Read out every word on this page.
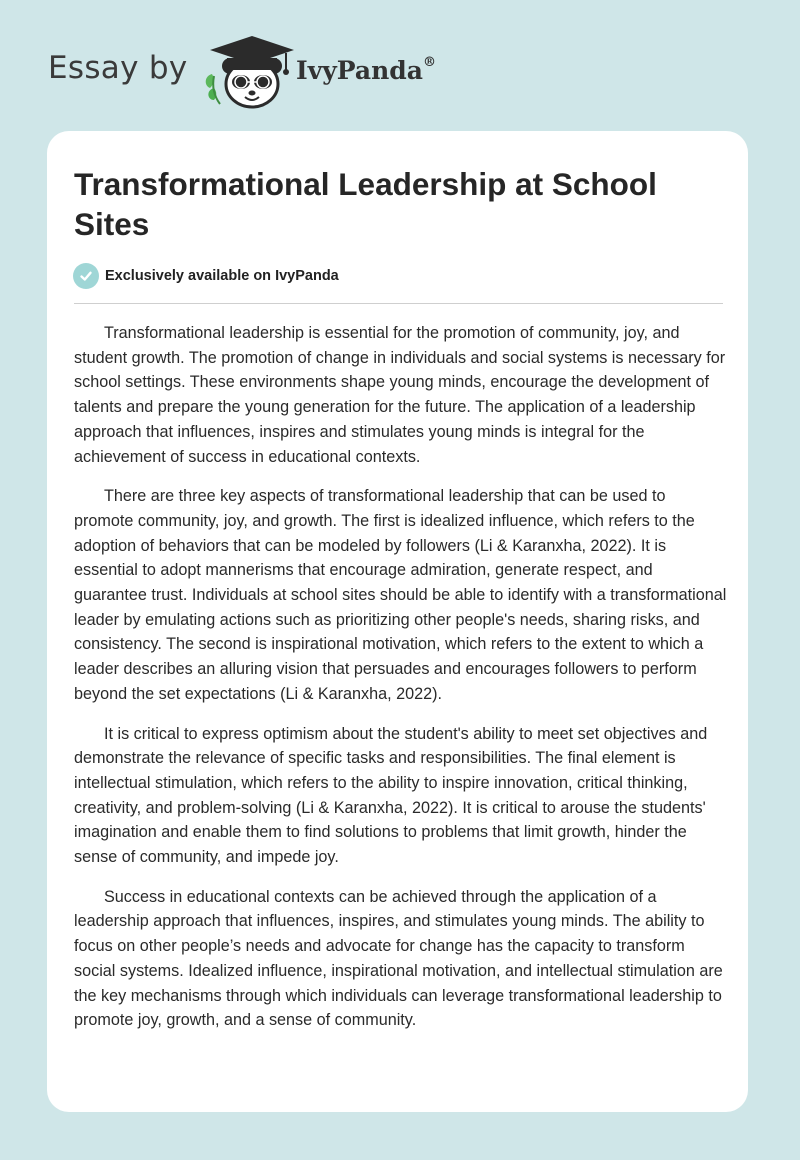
Essay by	IvyPanda®
Transformational Leadership at School Sites
Exclusively available on IvyPanda

Transformational leadership is essential for the promotion of community, joy, and student growth. The promotion of change in individuals and social systems is necessary for school settings. These environments shape young minds, encourage the development of talents and prepare the young generation for the future. The application of a leadership approach that influences, inspires and stimulates young minds is integral for the achievement of success in educational contexts.

There are three key aspects of transformational leadership that can be used to promote community, joy, and growth. The first is idealized influence, which refers to the adoption of behaviors that can be modeled by followers (Li & Karanxha, 2022). It is essential to adopt mannerisms that encourage admiration, generate respect, and guarantee trust. Individuals at school sites should be able to identify with a transformational leader by emulating actions such as prioritizing other people's needs, sharing risks, and consistency. The second is inspirational motivation, which refers to the extent to which a leader describes an alluring vision that persuades and encourages followers to perform beyond the set expectations (Li & Karanxha, 2022).

It is critical to express optimism about the student's ability to meet set objectives and demonstrate the relevance of specific tasks and responsibilities. The final element is intellectual stimulation, which refers to the ability to inspire innovation, critical thinking, creativity, and problem-solving (Li & Karanxha, 2022). It is critical to arouse the students' imagination and enable them to find solutions to problems that limit growth, hinder the sense of community, and impede joy.

Success in educational contexts can be achieved through the application of a leadership approach that influences, inspires, and stimulates young minds. The ability to focus on other people’s needs and advocate for change has the capacity to transform social systems. Idealized influence, inspirational motivation, and intellectual stimulation are the key mechanisms through which individuals can leverage transformational leadership to promote joy, growth, and a sense of community.
